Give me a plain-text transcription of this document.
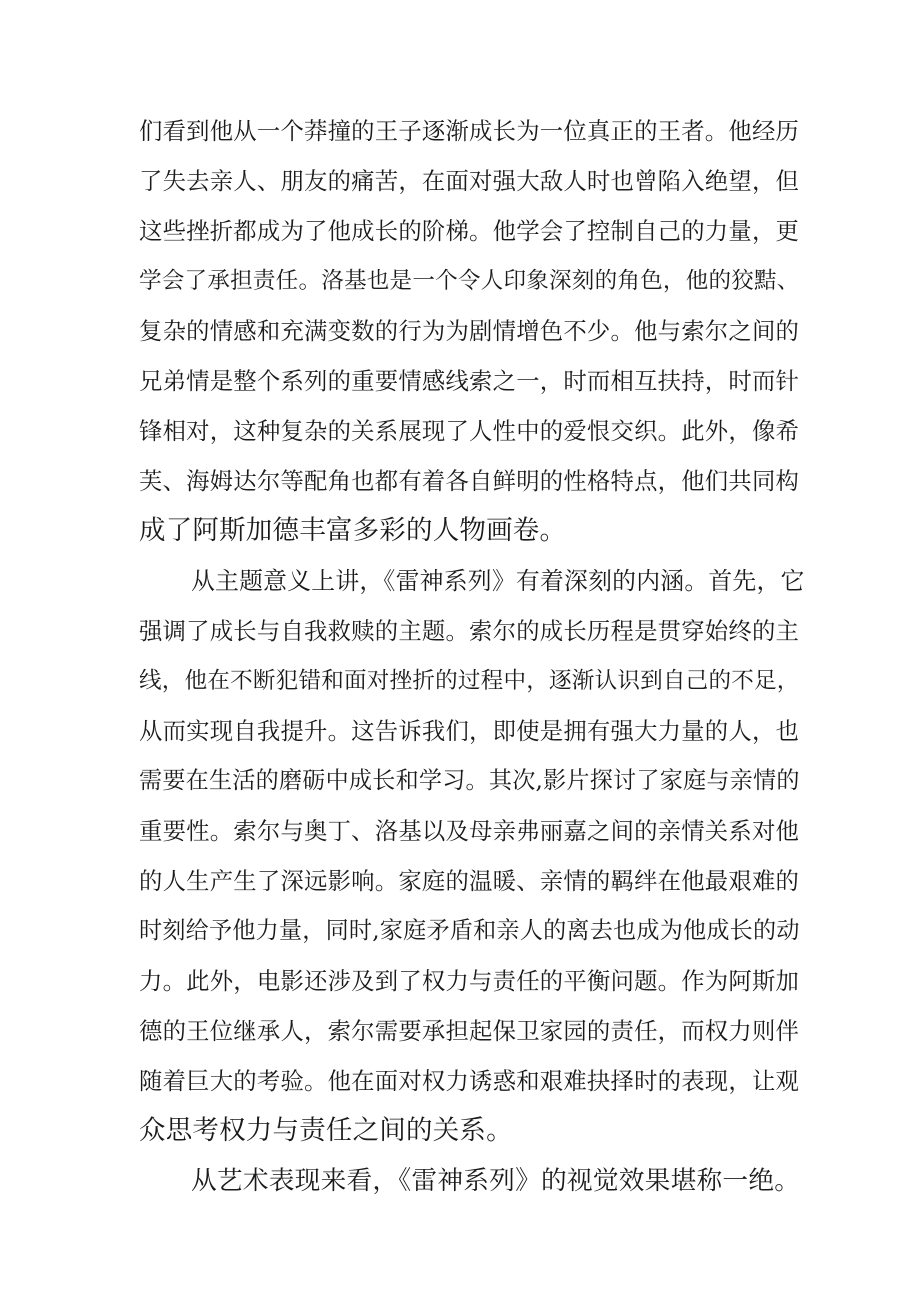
们看到他从一个莽撞的王子逐渐成长为一位真正的王者。他经历
了失去亲人、朋友的痛苦，在面对强大敌人时也曾陷入绝望，但
这些挫折都成为了他成长的阶梯。他学会了控制自己的力量，更
学会了承担责任。洛基也是一个令人印象深刻的角色，他的狡黠、
复杂的情感和充满变数的行为为剧情增色不少。他与索尔之间的
兄弟情是整个系列的重要情感线索之一，时而相互扶持，时而针
锋相对，这种复杂的关系展现了人性中的爱恨交织。此外，像希
芙、海姆达尔等配角也都有着各自鲜明的性格特点，他们共同构
成了阿斯加德丰富多彩的人物画卷。
从主题意义上讲，《雷神系列》有着深刻的内涵。首先，它
强调了成长与自我救赎的主题。索尔的成长历程是贯穿始终的主
线，他在不断犯错和面对挫折的过程中，逐渐认识到自己的不足，
从而实现自我提升。这告诉我们，即使是拥有强大力量的人，也
需要在生活的磨砺中成长和学习。其次,影片探讨了家庭与亲情的
重要性。索尔与奥丁、洛基以及母亲弗丽嘉之间的亲情关系对他
的人生产生了深远影响。家庭的温暖、亲情的羁绊在他最艰难的
时刻给予他力量，同时,家庭矛盾和亲人的离去也成为他成长的动
力。此外，电影还涉及到了权力与责任的平衡问题。作为阿斯加
德的王位继承人，索尔需要承担起保卫家园的责任，而权力则伴
随着巨大的考验。他在面对权力诱惑和艰难抉择时的表现，让观
众思考权力与责任之间的关系。
从艺术表现来看，《雷神系列》的视觉效果堪称一绝。
